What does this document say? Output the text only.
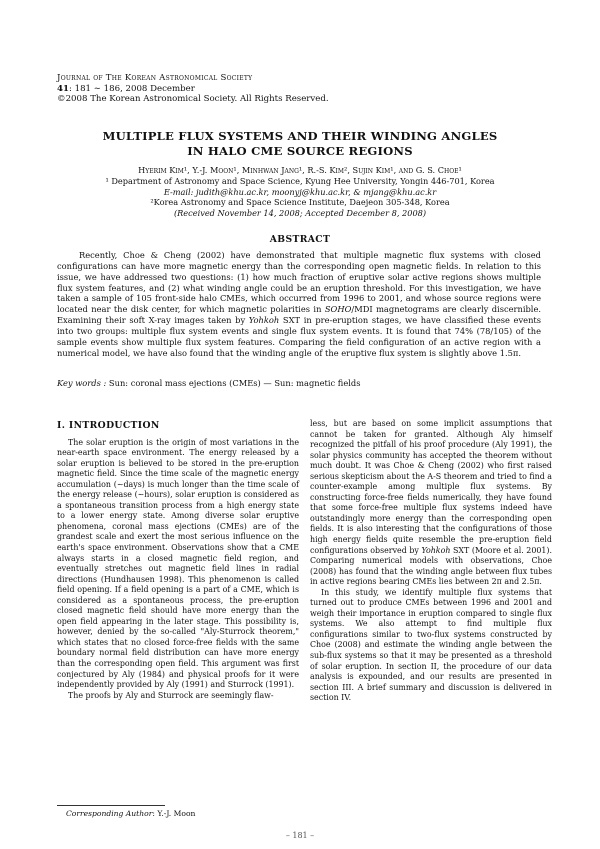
Journal of The Korean Astronomical Society
41: 181 ∼ 186, 2008 December
©2008 The Korean Astronomical Society. All Rights Reserved.
MULTIPLE FLUX SYSTEMS AND THEIR WINDING ANGLES
IN HALO CME SOURCE REGIONS
Hyerim Kim¹, Y.-J. Moon¹, Minhwan Jang¹, R.-S. Kim², Sujin Kim¹, and G. S. Choe¹
¹ Department of Astronomy and Space Science, Kyung Hee University, Yongin 446-701, Korea
E-mail: judith@khu.ac.kr, moonyj@khu.ac.kr, & mjang@khu.ac.kr
²Korea Astronomy and Space Science Institute, Daejeon 305-348, Korea
(Received November 14, 2008; Accepted December 8, 2008)
ABSTRACT

Recently, Choe & Cheng (2002) have demonstrated that multiple magnetic flux systems with closed configurations can have more magnetic energy than the corresponding open magnetic fields. In relation to this issue, we have addressed two questions: (1) how much fraction of eruptive solar active regions shows multiple flux system features, and (2) what winding angle could be an eruption threshold. For this investigation, we have taken a sample of 105 front-side halo CMEs, which occurred from 1996 to 2001, and whose source regions were located near the disk center, for which magnetic polarities in SOHO/MDI magnetograms are clearly discernible. Examining their soft X-ray images taken by Yohkoh SXT in pre-eruption stages, we have classified these events into two groups: multiple flux system events and single flux system events. It is found that 74% (78/105) of the sample events show multiple flux system features. Comparing the field configuration of an active region with a numerical model, we have also found that the winding angle of the eruptive flux system is slightly above 1.5π.

Key words : Sun: coronal mass ejections (CMEs) — Sun: magnetic fields
I. INTRODUCTION

The solar eruption is the origin of most variations in the near-earth space environment. The energy released by a solar eruption is believed to be stored in the pre-eruption magnetic field. Since the time scale of the magnetic energy accumulation (∼days) is much longer than the time scale of the energy release (∼hours), solar eruption is considered as a spontaneous transition process from a high energy state to a lower energy state. Among diverse solar eruptive phenomena, coronal mass ejections (CMEs) are of the grandest scale and exert the most serious influence on the earth's space environment. Observations show that a CME always starts in a closed magnetic field region, and eventually stretches out magnetic field lines in radial directions (Hundhausen 1998). This phenomenon is called field opening. If a field opening is a part of a CME, which is considered as a spontaneous process, the pre-eruption closed magnetic field should have more energy than the open field appearing in the later stage. This possibility is, however, denied by the so-called "Aly-Sturrock theorem," which states that no closed force-free fields with the same boundary normal field distribution can have more energy than the corresponding open field. This argument was first conjectured by Aly (1984) and physical proofs for it were independently provided by Aly (1991) and Sturrock (1991).

The proofs by Aly and Sturrock are seemingly flaw-

less, but are based on some implicit assumptions that cannot be taken for granted. Although Aly himself recognized the pitfall of his proof procedure (Aly 1991), the solar physics community has accepted the theorem without much doubt. It was Choe & Cheng (2002) who first raised serious skepticism about the A-S theorem and tried to find a counter-example among multiple flux systems. By constructing force-free fields numerically, they have found that some force-free multiple flux systems indeed have outstandingly more energy than the corresponding open fields. It is also interesting that the configurations of those high energy fields quite resemble the pre-eruption field configurations observed by Yohkoh SXT (Moore et al. 2001). Comparing numerical models with observations, Choe (2008) has found that the winding angle between flux tubes in active regions bearing CMEs lies between 2π and 2.5π.

In this study, we identify multiple flux systems that turned out to produce CMEs between 1996 and 2001 and weigh their importance in eruption compared to single flux systems. We also attempt to find multiple flux configurations similar to two-flux systems constructed by Choe (2008) and estimate the winding angle between the sub-flux systems so that it may be presented as a threshold of solar eruption. In section II, the procedure of our data analysis is expounded, and our results are presented in section III. A brief summary and discussion is delivered in section IV.

Corresponding Author: Y.-J. Moon
– 181 –
